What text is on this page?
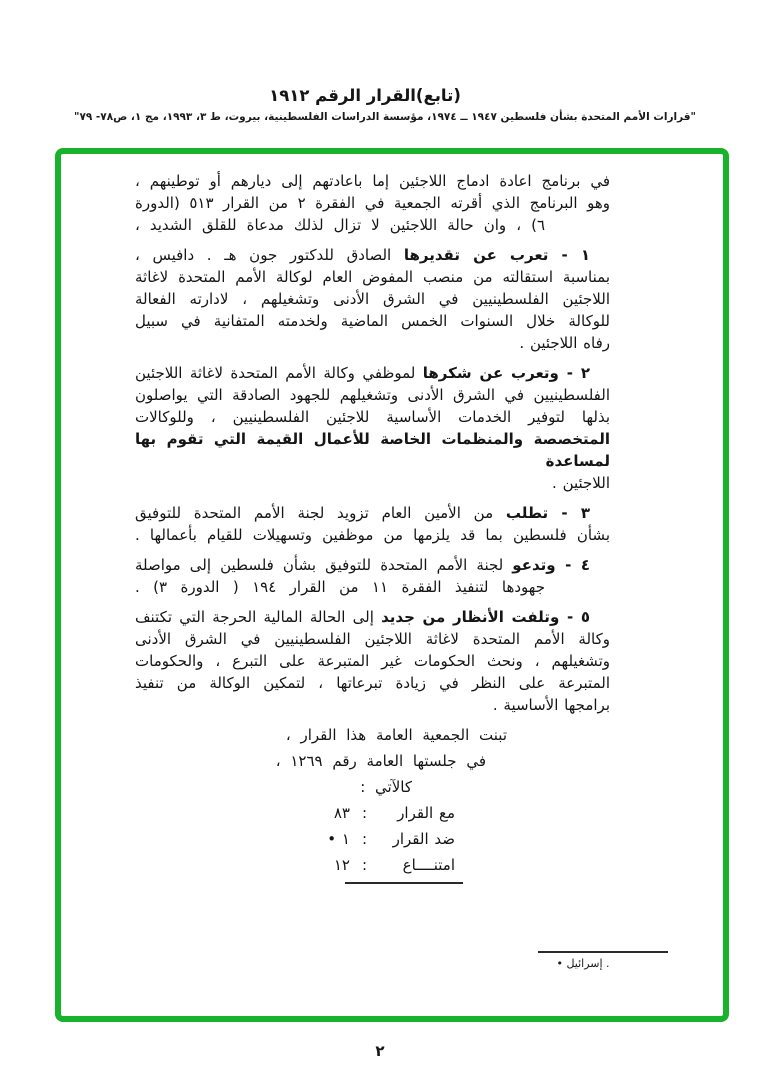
(تابع)القرار الرقم ١٩١٢
"قرارات الأمم المتحدة بشأن فلسطين ١٩٤٧ ــ ١٩٧٤، مؤسسة الدراسات الفلسطينية، بيروت، ط ٣، ١٩٩٣، مج ١، ص٧٨- ٧٩"
في برنامج اعادة ادماج اللاجئين إما باعادتهم إلى ديارهم أو توطينهم ،
وهو البرنامج الذي أقرته الجمعية في الفقرة ٢ من القرار ٥١٣ (الدورة
٦) ، وان حالة اللاجئين لا تزال لذلك مدعاة للقلق الشديد ،
١ - تعرب عن تقديرها الصادق للدكتور جون هـ . دافيس ،
بمناسبة استقالته من منصب المفوض العام لوكالة الأمم المتحدة لاغاثة
اللاجئين الفلسطينيين في الشرق الأدنى وتشغيلهم ، لادارته الفعالة
للوكالة خلال السنوات الخمس الماضية ولخدمته المتفانية في سبيل
رفاه اللاجئين .
٢ - وتعرب عن شكرها لموظفي وكالة الأمم المتحدة لاغاثة اللاجئين
الفلسطينيين في الشرق الأدنى وتشغيلهم للجهود الصادقة التي يواصلون
بذلها لتوفير الخدمات الأساسية للاجئين الفلسطينيين ، وللوكالات
المتخصصة والمنظمات الخاصة للأعمال القيمة التي تقوم بها لمساعدة
اللاجئين .
٣ - تطلب من الأمين العام تزويد لجنة الأمم المتحدة للتوفيق
بشأن فلسطين بما قد يلزمها من موظفين وتسهيلات للقيام بأعمالها .
٤ - وتدعو لجنة الأمم المتحدة للتوفيق بشأن فلسطين إلى مواصلة
جهودها لتنفيذ الفقرة ١١ من القرار ١٩٤ ( الدورة ٣) .
٥ - وتلفت الأنظار من جديد إلى الحالة المالية الحرجة التي تكتنف
وكالة الأمم المتحدة لاغاثة اللاجئين الفلسطينيين في الشرق الأدنى
وتشغيلهم ، ونحث الحكومات غير المتبرعة على التبرع ، والحكومات
المتبرعة على النظر في زيادة تبرعاتها ، لتمكين الوكالة من تنفيذ
برامجها الأساسية .
تبنت الجمعية العامة هذا القرار ،
في جلستها العامة رقم ١٢٦٩ ،
كالآتي :
مع القرار
:
٨٣
ضد القرار
:
١ •
امتنــــاع
:
١٢
• إسرائيل .
٢
